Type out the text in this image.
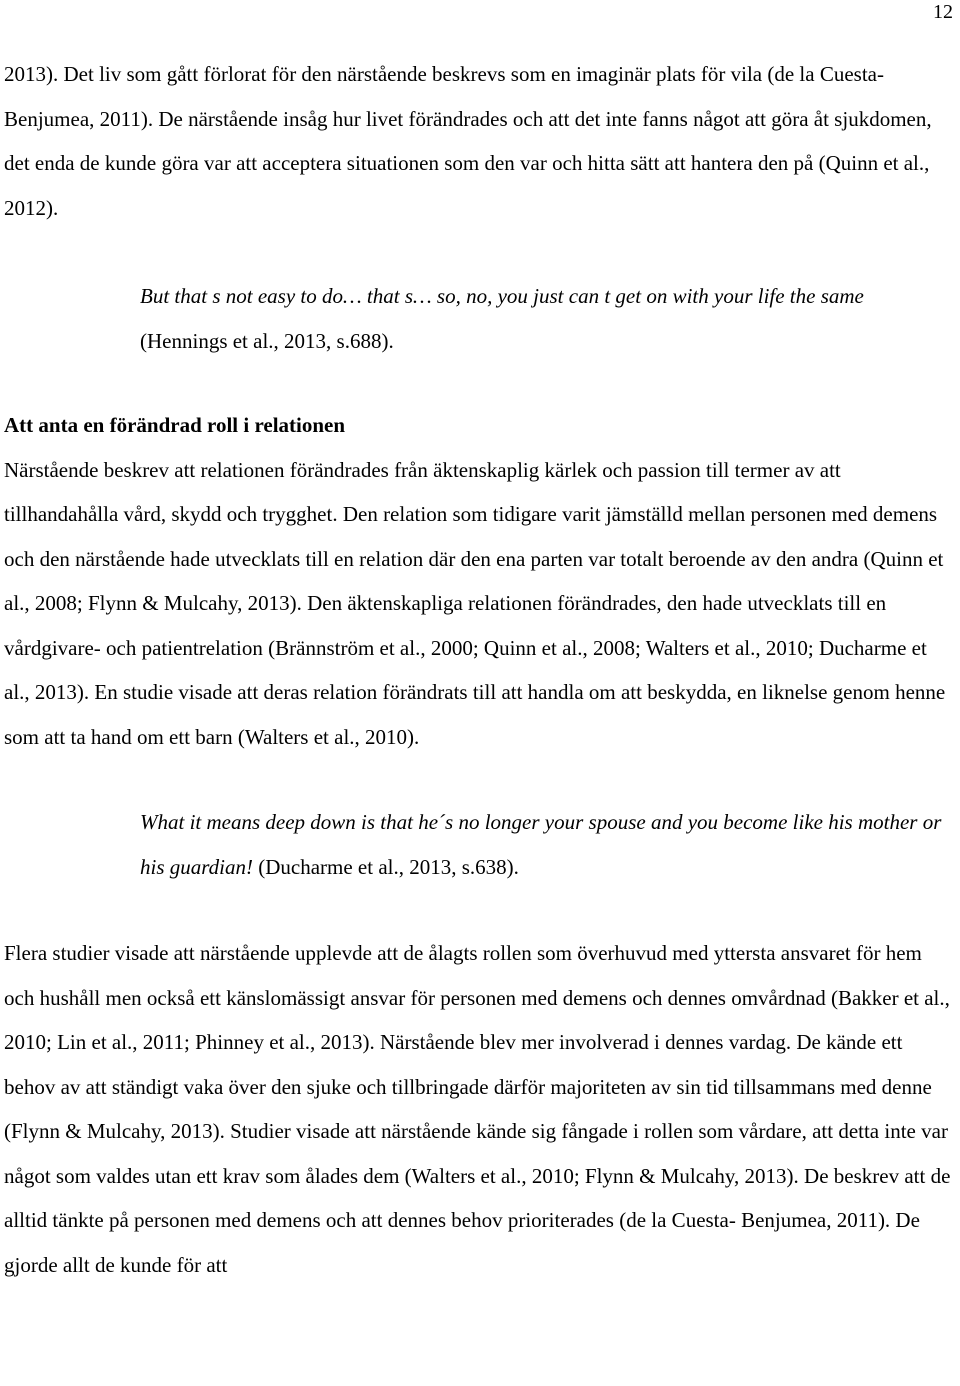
12

2013). Det liv som gått förlorat för den närstående beskrevs som en imaginär plats för vila (de la Cuesta-Benjumea, 2011). De närstående insåg hur livet förändrades och att det inte fanns något att göra åt sjukdomen, det enda de kunde göra var att acceptera situationen som den var och hitta sätt att hantera den på (Quinn et al., 2012).

But that s not easy to do… that s… so, no, you just can t get on with your life the same (Hennings et al., 2013, s.688).

Att anta en förändrad roll i relationen

Närstående beskrev att relationen förändrades från äktenskaplig kärlek och passion till termer av att tillhandahålla vård, skydd och trygghet. Den relation som tidigare varit jämställd mellan personen med demens och den närstående hade utvecklats till en relation där den ena parten var totalt beroende av den andra (Quinn et al., 2008; Flynn & Mulcahy, 2013). Den äktenskapliga relationen förändrades, den hade utvecklats till en vårdgivare- och patientrelation (Brännström et al., 2000; Quinn et al., 2008; Walters et al., 2010; Ducharme et al., 2013). En studie visade att deras relation förändrats till att handla om att beskydda, en liknelse genom henne som att ta hand om ett barn (Walters et al., 2010).

What it means deep down is that he´s no longer your spouse and you become like his mother or his guardian! (Ducharme et al., 2013, s.638).

Flera studier visade att närstående upplevde att de ålagts rollen som överhuvud med yttersta ansvaret för hem och hushåll men också ett känslomässigt ansvar för personen med demens och dennes omvårdnad (Bakker et al., 2010; Lin et al., 2011; Phinney et al., 2013). Närstående blev mer involverad i dennes vardag. De kände ett behov av att ständigt vaka över den sjuke och tillbringade därför majoriteten av sin tid tillsammans med denne (Flynn & Mulcahy, 2013). Studier visade att närstående kände sig fångade i rollen som vårdare, att detta inte var något som valdes utan ett krav som ålades dem (Walters et al., 2010; Flynn & Mulcahy, 2013). De beskrev att de alltid tänkte på personen med demens och att dennes behov prioriterades (de la Cuesta- Benjumea, 2011). De gjorde allt de kunde för att
